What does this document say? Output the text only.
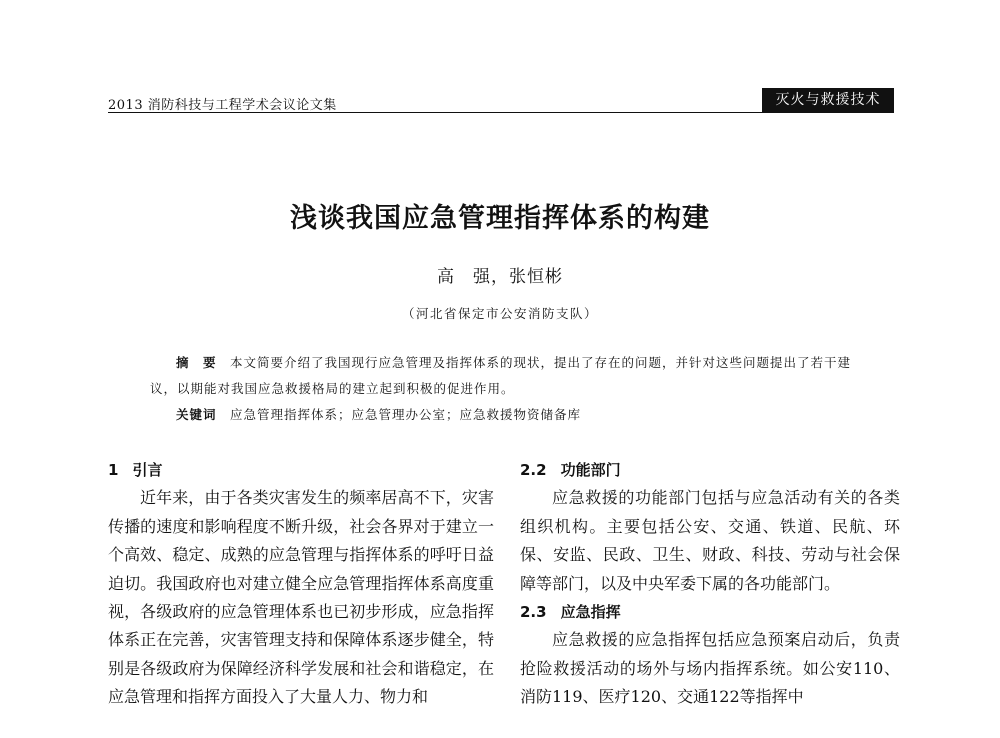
2013 消防科技与工程学术会议论文集	灭火与救援技术
浅谈我国应急管理指挥体系的构建
高　强，张恒彬
（河北省保定市公安消防支队）

摘　要　 本文简要介绍了我国现行应急管理及指挥体系的现状，提出了存在的问题，并针对这些问题提出了若干建议，以期能对我国应急救援格局的建立起到积极的促进作用。

关键词　 应急管理指挥体系；应急管理办公室；应急救援物资储备库

1 引言

近年来，由于各类灾害发生的频率居高不下，灾害传播的速度和影响程度不断升级，社会各界对于建立一个高效、稳定、成熟的应急管理与指挥体系的呼吁日益迫切。我国政府也对建立健全应急管理指挥体系高度重视，各级政府的应急管理体系也已初步形成，应急指挥体系正在完善，灾害管理支持和保障体系逐步健全，特别是各级政府为保障经济科学发展和社会和谐稳定，在应急管理和指挥方面投入了大量人力、物力和

2.2 功能部门

应急救援的功能部门包括与应急活动有关的各类组织机构。主要包括公安、交通、铁道、民航、环保、安监、民政、卫生、财政、科技、劳动与社会保障等部门，以及中央军委下属的各功能部门。

2.3 应急指挥

应急救援的应急指挥包括应急预案启动后，负责抢险救援活动的场外与场内指挥系统。如公安110、消防119、医疗120、交通122等指挥中
